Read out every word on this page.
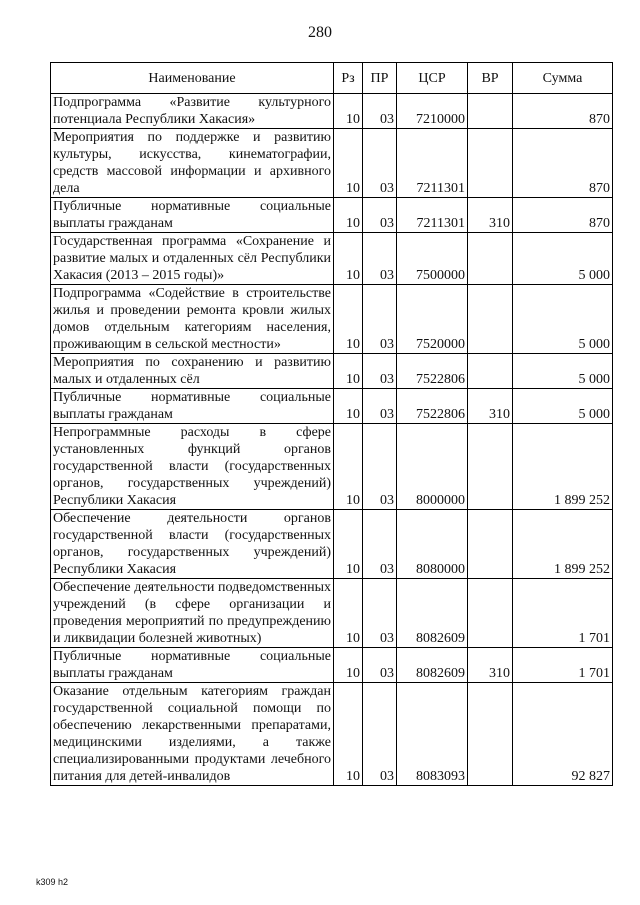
280
Наименование	Рз	ПР	ЦСР	ВР	Сумма
Подпрограмма «Развитие культурного потенциала Республики Хакасия»	10	03	7210000		870
Мероприятия по поддержке и развитию культуры, искусства, кинематографии, средств массовой информации и архивного дела	10	03	7211301		870
Публичные нормативные социальные выплаты гражданам	10	03	7211301	310	870
Государственная программа «Сохранение и развитие малых и отдаленных сёл Республики Хакасия (2013 – 2015 годы)»	10	03	7500000		5 000
Подпрограмма «Содействие в строительстве жилья и проведении ремонта кровли жилых домов отдельным категориям населения, проживающим в сельской местности»	10	03	7520000		5 000
Мероприятия по сохранению и развитию малых и отдаленных сёл	10	03	7522806		5 000
Публичные нормативные социальные выплаты гражданам	10	03	7522806	310	5 000
Непрограммные расходы в сфере установленных функций органов государственной власти (государственных органов, государственных учреждений) Республики Хакасия	10	03	8000000		1 899 252
Обеспечение деятельности органов государственной власти (государственных органов, государственных учреждений) Республики Хакасия	10	03	8080000		1 899 252
Обеспечение деятельности подведомственных учреждений (в сфере организации и проведения мероприятий по предупреждению и ликвидации болезней животных)	10	03	8082609		1 701
Публичные нормативные социальные выплаты гражданам	10	03	8082609	310	1 701
Оказание отдельным категориям граждан государственной социальной помощи по обеспечению лекарственными препаратами, медицинскими изделиями, а также специализированными продуктами лечебного питания для детей-инвалидов	10	03	8083093		92 827
k309 h2
